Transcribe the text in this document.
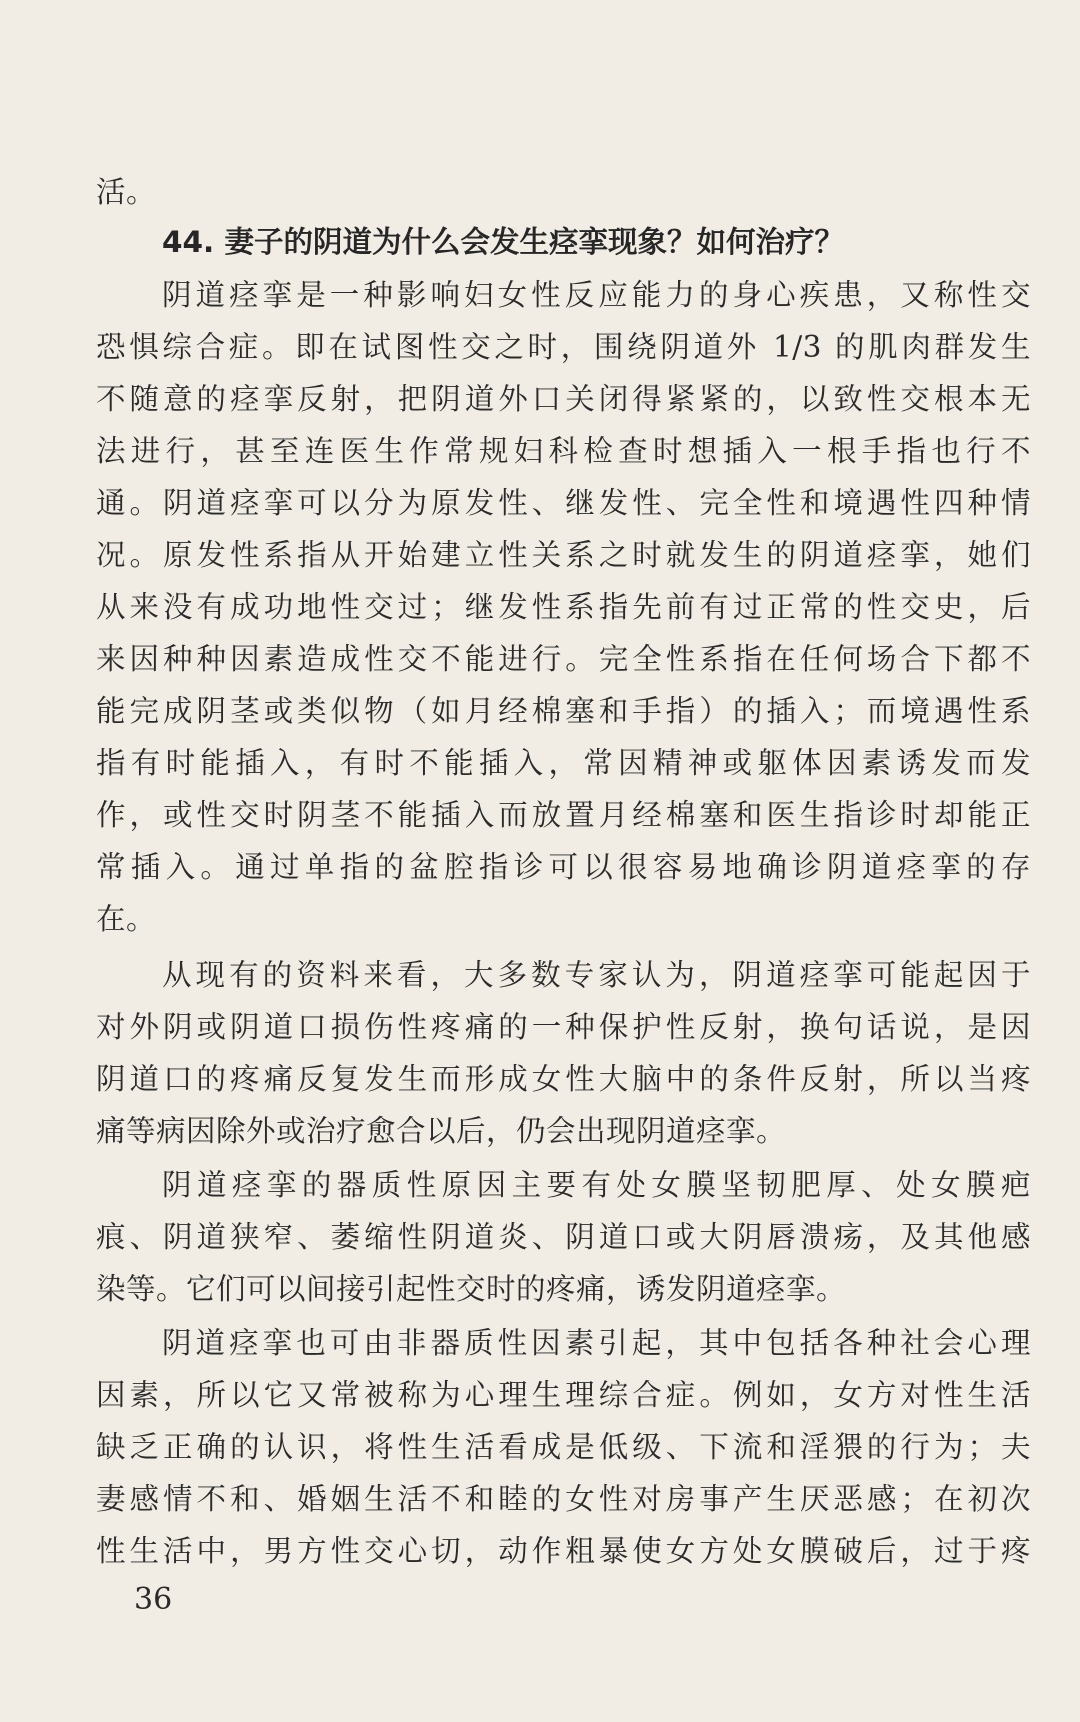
活。
44. 妻子的阴道为什么会发生痉挛现象？如何治疗？
阴道痉挛是一种影响妇女性反应能力的身心疾患，又称性交
恐惧综合症。即在试图性交之时，围绕阴道外 1/3 的肌肉群发生
不随意的痉挛反射，把阴道外口关闭得紧紧的，以致性交根本无
法进行，甚至连医生作常规妇科检查时想插入一根手指也行不
通。阴道痉挛可以分为原发性、继发性、完全性和境遇性四种情
况。原发性系指从开始建立性关系之时就发生的阴道痉挛，她们
从来没有成功地性交过；继发性系指先前有过正常的性交史，后
来因种种因素造成性交不能进行。完全性系指在任何场合下都不
能完成阴茎或类似物（如月经棉塞和手指）的插入；而境遇性系
指有时能插入，有时不能插入，常因精神或躯体因素诱发而发
作，或性交时阴茎不能插入而放置月经棉塞和医生指诊时却能正
常插入。通过单指的盆腔指诊可以很容易地确诊阴道痉挛的存
在。
从现有的资料来看，大多数专家认为，阴道痉挛可能起因于
对外阴或阴道口损伤性疼痛的一种保护性反射，换句话说，是因
阴道口的疼痛反复发生而形成女性大脑中的条件反射，所以当疼
痛等病因除外或治疗愈合以后，仍会出现阴道痉挛。
阴道痉挛的器质性原因主要有处女膜坚韧肥厚、处女膜疤
痕、阴道狭窄、萎缩性阴道炎、阴道口或大阴唇溃疡，及其他感
染等。它们可以间接引起性交时的疼痛，诱发阴道痉挛。
阴道痉挛也可由非器质性因素引起，其中包括各种社会心理
因素，所以它又常被称为心理生理综合症。例如，女方对性生活
缺乏正确的认识，将性生活看成是低级、下流和淫猥的行为；夫
妻感情不和、婚姻生活不和睦的女性对房事产生厌恶感；在初次
性生活中，男方性交心切，动作粗暴使女方处女膜破后，过于疼
36
